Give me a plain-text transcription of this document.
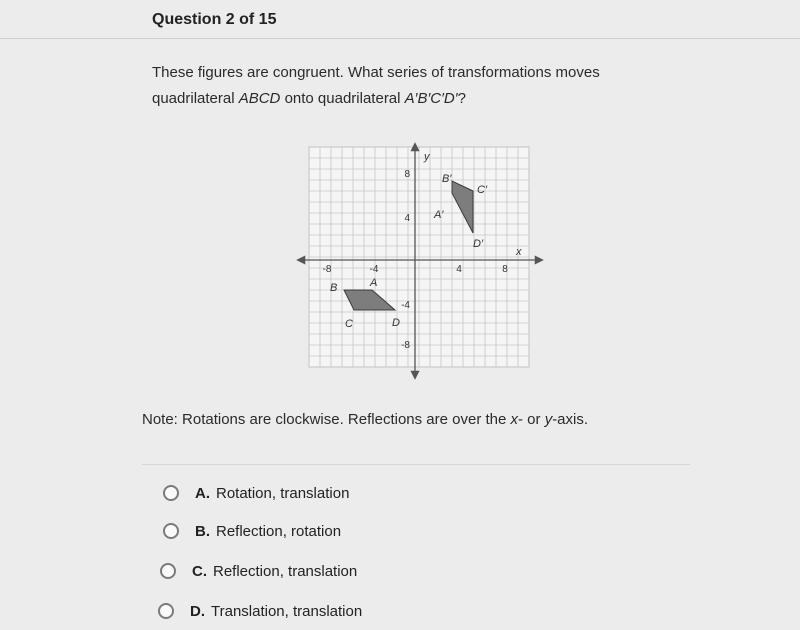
Question 2 of 15
These figures are congruent. What series of transformations moves
quadrilateral ABCD onto quadrilateral A′B′C′D′?
x
y
-8	-4	4	8
8
4
-4
-8
A
B
C	D
A′
B′
C′
D′
Note: Rotations are clockwise. Reflections are over the x- or y-axis.
A. Rotation, translation
B. Reflection, rotation
C. Reflection, translation
D. Translation, translation
